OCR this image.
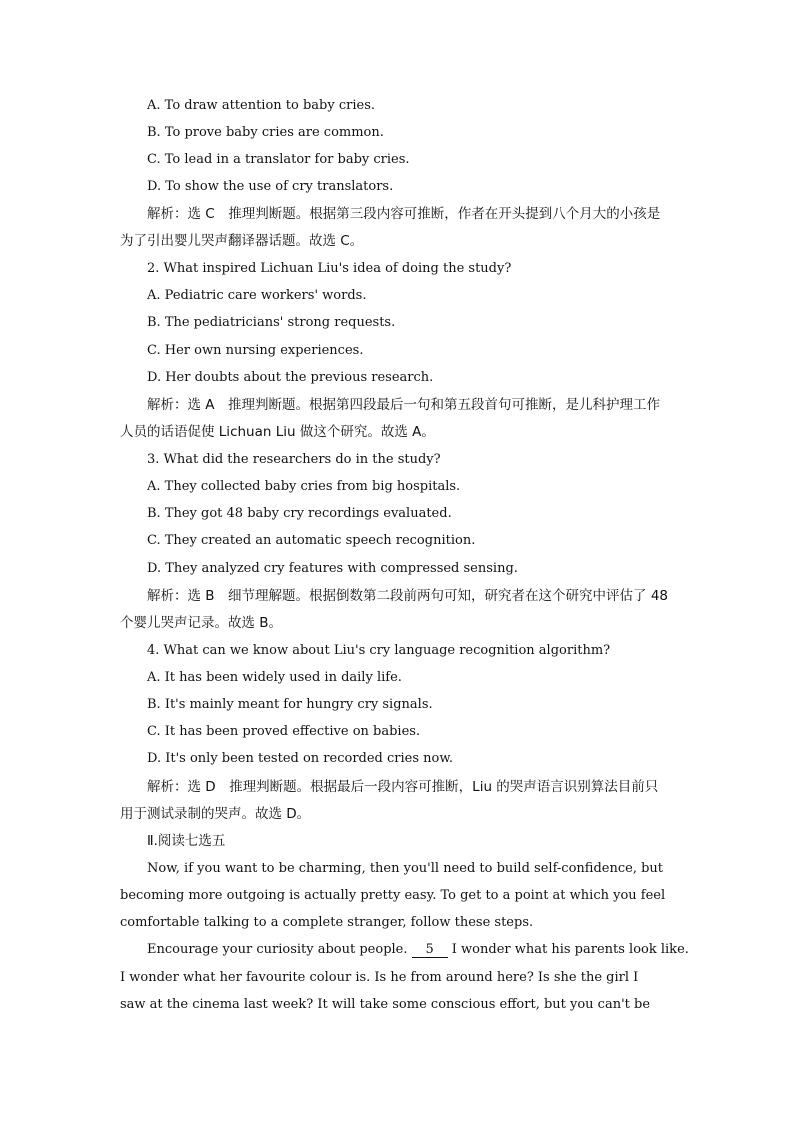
A. To draw attention to baby cries.
B. To prove baby cries are common.
C. To lead in a translator for baby cries.
D. To show the use of cry translators.
解析：选 C　推理判断题。根据第三段内容可推断，作者在开头提到八个月大的小孩是
为了引出婴儿哭声翻译器话题。故选 C。
2. What inspired Lichuan Liu's idea of doing the study?
A. Pediatric care workers' words.
B. The pediatricians' strong requests.
C. Her own nursing experiences.
D. Her doubts about the previous research.
解析：选 A　推理判断题。根据第四段最后一句和第五段首句可推断，是儿科护理工作
人员的话语促使 Lichuan Liu 做这个研究。故选 A。
3. What did the researchers do in the study?
A. They collected baby cries from big hospitals.
B. They got 48 baby cry recordings evaluated.
C. They created an automatic speech recognition.
D. They analyzed cry features with compressed sensing.
解析：选 B　细节理解题。根据倒数第二段前两句可知，研究者在这个研究中评估了 48
个婴儿哭声记录。故选 B。
4. What can we know about Liu's cry language recognition algorithm?
A. It has been widely used in daily life.
B. It's mainly meant for hungry cry signals.
C. It has been proved effective on babies.
D. It's only been tested on recorded cries now.
解析：选 D　推理判断题。根据最后一段内容可推断，Liu 的哭声语言识别算法目前只
用于测试录制的哭声。故选 D。
Ⅱ.阅读七选五
Now, if you want to be charming, then you'll need to build self-confidence, but
becoming more outgoing is actually pretty easy. To get to a point at which you feel
comfortable talking to a complete stranger, follow these steps.
Encourage your curiosity about people. 5 I wonder what his parents look like.
I wonder what her favourite colour is. Is he from around here? Is she the girl I
saw at the cinema last week? It will take some conscious effort, but you can't be
